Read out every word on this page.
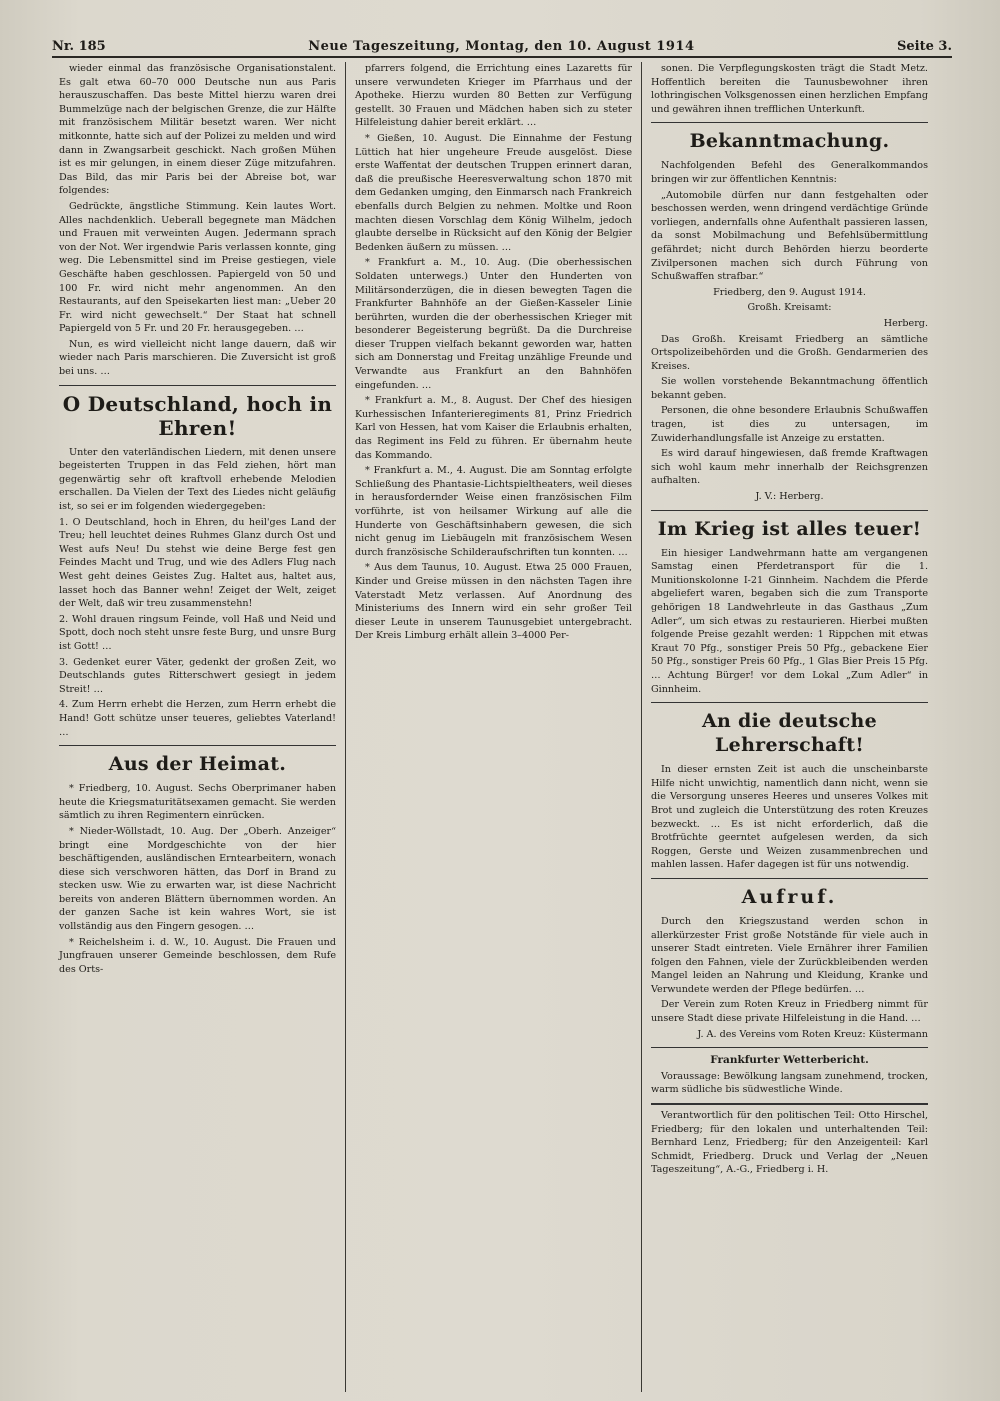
Nr. 185	Neue Tageszeitung, Montag, den 10. August 1914	Seite 3.

wieder einmal das französische Organisationstalent. Es galt etwa 60–70 000 Deutsche nun aus Paris herauszuschaffen. Das beste Mittel hierzu waren drei Bummelzüge nach der belgischen Grenze, die zur Hälfte mit französischem Militär besetzt waren. Wer nicht mitkonnte, hatte sich auf der Polizei zu melden und wird dann in Zwangsarbeit geschickt. Nach großen Mühen ist es mir gelungen, in einem dieser Züge mitzufahren. Das Bild, das mir Paris bei der Abreise bot, war folgendes:

Gedrückte, ängstliche Stimmung. Kein lautes Wort. Alles nachdenklich. Ueberall begegnete man Mädchen und Frauen mit verweinten Augen. Jedermann sprach von der Not. Wer irgendwie Paris verlassen konnte, ging weg. Die Lebensmittel sind im Preise gestiegen, viele Geschäfte haben geschlossen. Papiergeld von 50 und 100 Fr. wird nicht mehr angenommen. An den Restaurants, auf den Speisekarten liest man: „Ueber 20 Fr. wird nicht gewechselt.“ Der Staat hat schnell Papiergeld von 5 Fr. und 20 Fr. herausgegeben. …

Nun, es wird vielleicht nicht lange dauern, daß wir wieder nach Paris marschieren. Die Zuversicht ist groß bei uns. …

O Deutschland, hoch in Ehren!

Unter den vaterländischen Liedern, mit denen unsere begeisterten Truppen in das Feld ziehen, hört man gegenwärtig sehr oft kraftvoll erhebende Melodien erschallen. Da Vielen der Text des Liedes nicht geläufig ist, so sei er im folgenden wiedergegeben:

1. O Deutschland, hoch in Ehren, du heil'ges Land der Treu; hell leuchtet deines Ruhmes Glanz durch Ost und West aufs Neu! Du stehst wie deine Berge fest gen Feindes Macht und Trug, und wie des Adlers Flug nach West geht deines Geistes Zug. Haltet aus, haltet aus, lasset hoch das Banner wehn! Zeiget der Welt, zeiget der Welt, daß wir treu zusammenstehn!

2. Wohl drauen ringsum Feinde, voll Haß und Neid und Spott, doch noch steht unsre feste Burg, und unsre Burg ist Gott! …

3. Gedenket eurer Väter, gedenkt der großen Zeit, wo Deutschlands gutes Ritterschwert gesiegt in jedem Streit! …

4. Zum Herrn erhebt die Herzen, zum Herrn erhebt die Hand! Gott schütze unser teueres, geliebtes Vaterland! …

Aus der Heimat.

* Friedberg, 10. August. Sechs Oberprimaner haben heute die Kriegsmaturitätsexamen gemacht. Sie werden sämtlich zu ihren Regimentern einrücken.

* Nieder-Wöllstadt, 10. Aug. Der „Oberh. Anzeiger“ bringt eine Mordgeschichte von der hier beschäftigenden, ausländischen Erntearbeitern, wonach diese sich verschworen hätten, das Dorf in Brand zu stecken usw. Wie zu erwarten war, ist diese Nachricht bereits von anderen Blättern übernommen worden. An der ganzen Sache ist kein wahres Wort, sie ist vollständig aus den Fingern gesogen. …

* Reichelsheim i. d. W., 10. August. Die Frauen und Jungfrauen unserer Gemeinde beschlossen, dem Rufe des Orts-

pfarrers folgend, die Errichtung eines Lazaretts für unsere verwundeten Krieger im Pfarrhaus und der Apotheke. Hierzu wurden 80 Betten zur Verfügung gestellt. 30 Frauen und Mädchen haben sich zu steter Hilfeleistung dahier bereit erklärt. …

* Gießen, 10. August. Die Einnahme der Festung Lüttich hat hier ungeheure Freude ausgelöst. Diese erste Waffentat der deutschen Truppen erinnert daran, daß die preußische Heeresverwaltung schon 1870 mit dem Gedanken umging, den Einmarsch nach Frankreich ebenfalls durch Belgien zu nehmen. Moltke und Roon machten diesen Vorschlag dem König Wilhelm, jedoch glaubte derselbe in Rücksicht auf den König der Belgier Bedenken äußern zu müssen. …

* Frankfurt a. M., 10. Aug. (Die oberhessischen Soldaten unterwegs.) Unter den Hunderten von Militärsonderzügen, die in diesen bewegten Tagen die Frankfurter Bahnhöfe an der Gießen-Kasseler Linie berührten, wurden die der oberhessischen Krieger mit besonderer Begeisterung begrüßt. Da die Durchreise dieser Truppen vielfach bekannt geworden war, hatten sich am Donnerstag und Freitag unzählige Freunde und Verwandte aus Frankfurt an den Bahnhöfen eingefunden. …

* Frankfurt a. M., 8. August. Der Chef des hiesigen Kurhessischen Infanterieregiments 81, Prinz Friedrich Karl von Hessen, hat vom Kaiser die Erlaubnis erhalten, das Regiment ins Feld zu führen. Er übernahm heute das Kommando.

* Frankfurt a. M., 4. August. Die am Sonntag erfolgte Schließung des Phantasie-Lichtspieltheaters, weil dieses in herausfordernder Weise einen französischen Film vorführte, ist von heilsamer Wirkung auf alle die Hunderte von Geschäftsinhabern gewesen, die sich nicht genug im Liebäugeln mit französischem Wesen durch französische Schilderaufschriften tun konnten. …

* Aus dem Taunus, 10. August. Etwa 25 000 Frauen, Kinder und Greise müssen in den nächsten Tagen ihre Vaterstadt Metz verlassen. Auf Anordnung des Ministeriums des Innern wird ein sehr großer Teil dieser Leute in unserem Taunusgebiet untergebracht. Der Kreis Limburg erhält allein 3–4000 Per-

sonen. Die Verpflegungskosten trägt die Stadt Metz. Hoffentlich bereiten die Taunusbewohner ihren lothringischen Volksgenossen einen herzlichen Empfang und gewähren ihnen trefflichen Unterkunft.

Bekanntmachung.

Nachfolgenden Befehl des Generalkommandos bringen wir zur öffentlichen Kenntnis:

„Automobile dürfen nur dann festgehalten oder beschossen werden, wenn dringend verdächtige Gründe vorliegen, andernfalls ohne Aufenthalt passieren lassen, da sonst Mobilmachung und Befehlsübermittlung gefährdet; nicht durch Behörden hierzu beorderte Zivilpersonen machen sich durch Führung von Schußwaffen strafbar.“

Friedberg, den 9. August 1914.

Großh. Kreisamt:

Herberg.

Das Großh. Kreisamt Friedberg an sämtliche Ortspolizeibehörden und die Großh. Gendarmerien des Kreises.

Sie wollen vorstehende Bekanntmachung öffentlich bekannt geben.

Personen, die ohne besondere Erlaubnis Schußwaffen tragen, ist dies zu untersagen, im Zuwiderhandlungsfalle ist Anzeige zu erstatten.

Es wird darauf hingewiesen, daß fremde Kraftwagen sich wohl kaum mehr innerhalb der Reichsgrenzen aufhalten.

J. V.: Herberg.

Im Krieg ist alles teuer!

Ein hiesiger Landwehrmann hatte am vergangenen Samstag einen Pferdetransport für die 1. Munitionskolonne I-21 Ginnheim. Nachdem die Pferde abgeliefert waren, begaben sich die zum Transporte gehörigen 18 Landwehrleute in das Gasthaus „Zum Adler“, um sich etwas zu restaurieren. Hierbei mußten folgende Preise gezahlt werden: 1 Rippchen mit etwas Kraut 70 Pfg., sonstiger Preis 50 Pfg., gebackene Eier 50 Pfg., sonstiger Preis 60 Pfg., 1 Glas Bier Preis 15 Pfg. … Achtung Bürger! vor dem Lokal „Zum Adler“ in Ginnheim.

An die deutsche Lehrerschaft!

In dieser ernsten Zeit ist auch die unscheinbarste Hilfe nicht unwichtig, namentlich dann nicht, wenn sie die Versorgung unseres Heeres und unseres Volkes mit Brot und zugleich die Unterstützung des roten Kreuzes bezweckt. … Es ist nicht erforderlich, daß die Brotfrüchte geerntet aufgelesen werden, da sich Roggen, Gerste und Weizen zusammenbrechen und mahlen lassen. Hafer dagegen ist für uns notwendig.

Aufruf.

Durch den Kriegszustand werden schon in allerkürzester Frist große Notstände für viele auch in unserer Stadt eintreten. Viele Ernährer ihrer Familien folgen den Fahnen, viele der Zurückbleibenden werden Mangel leiden an Nahrung und Kleidung, Kranke und Verwundete werden der Pflege bedürfen. …

Der Verein zum Roten Kreuz in Friedberg nimmt für unsere Stadt diese private Hilfeleistung in die Hand. …

J. A. des Vereins vom Roten Kreuz: Küstermann

Frankfurter Wetterbericht.

Voraussage: Bewölkung langsam zunehmend, trocken, warm südliche bis südwestliche Winde.

Verantwortlich für den politischen Teil: Otto Hirschel, Friedberg; für den lokalen und unterhaltenden Teil: Bernhard Lenz, Friedberg; für den Anzeigenteil: Karl Schmidt, Friedberg. Druck und Verlag der „Neuen Tageszeitung“, A.-G., Friedberg i. H.
